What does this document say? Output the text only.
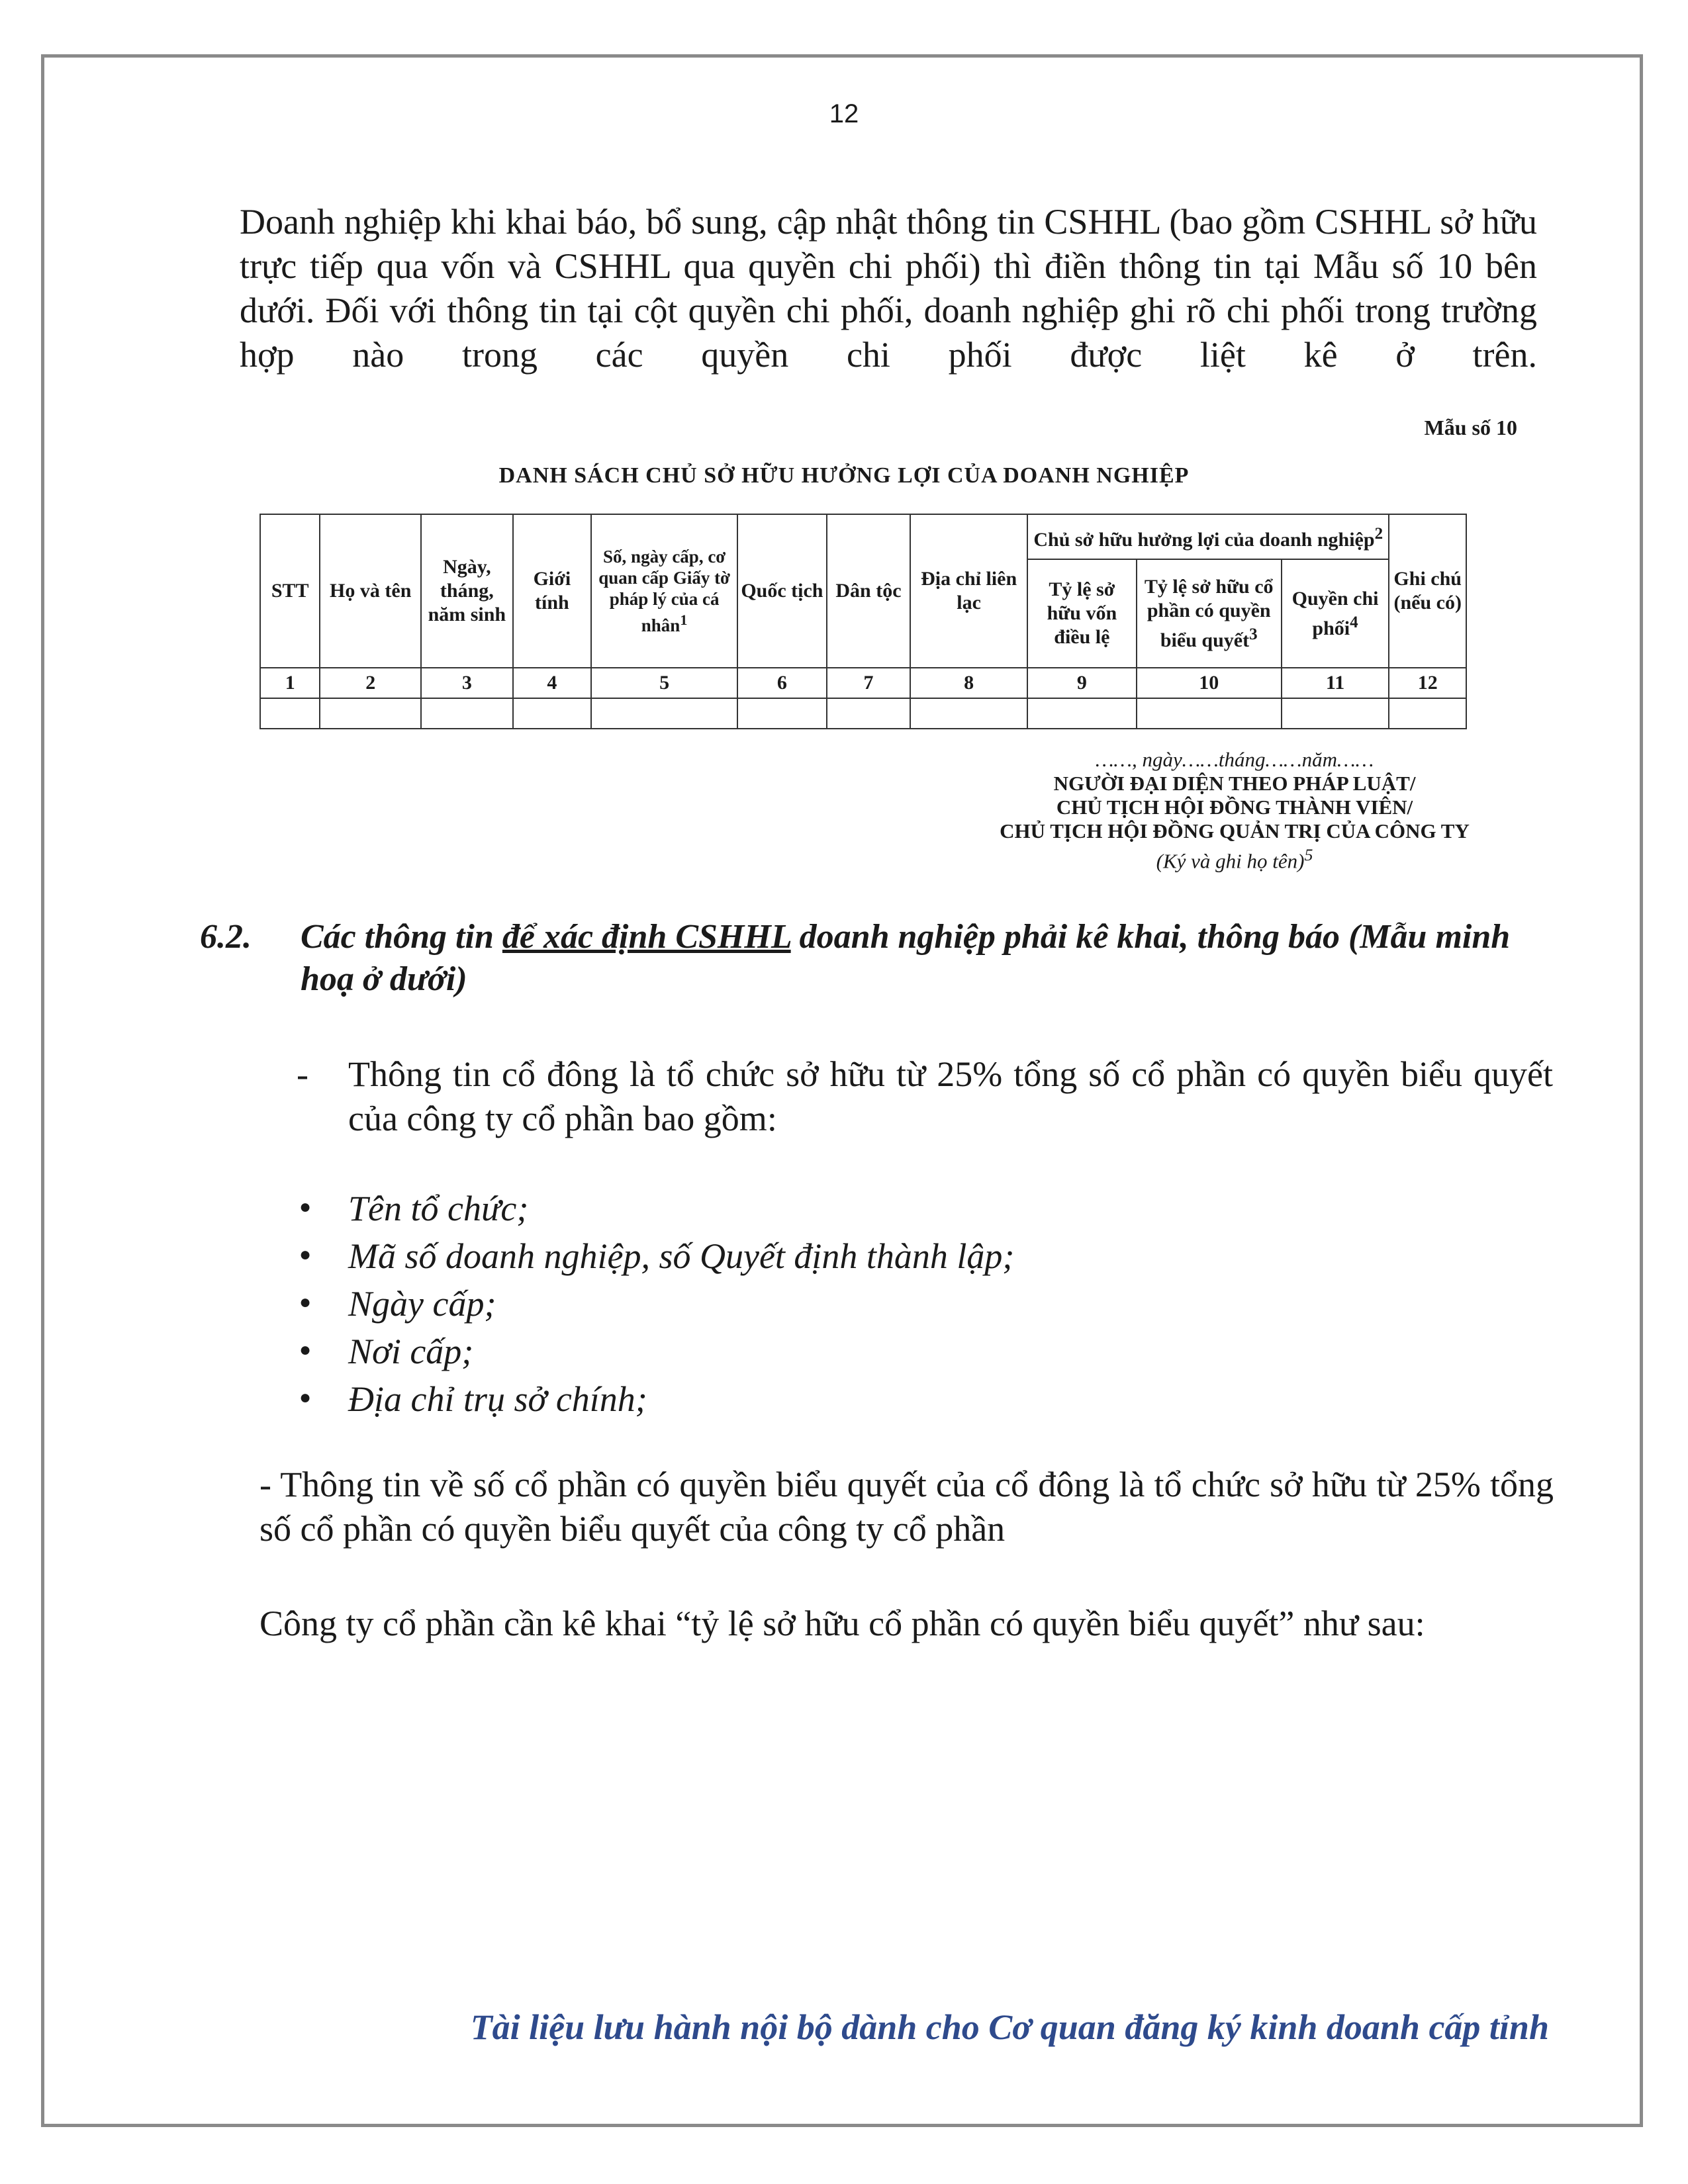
12

Doanh nghiệp khi khai báo, bổ sung, cập nhật thông tin CSHHL (bao gồm CSHHL sở hữu trực tiếp qua vốn và CSHHL qua quyền chi phối) thì điền thông tin tại Mẫu số 10 bên dưới. Đối với thông tin tại cột quyền chi phối, doanh nghiệp ghi rõ chi phối trong trường hợp nào trong các quyền chi phối được liệt kê ở trên.

Mẫu số 10
DANH SÁCH CHỦ SỞ HỮU HƯỞNG LỢI CỦA DOANH NGHIỆP
STT	Họ và tên	Ngày, tháng, năm sinh	Giới tính	Số, ngày cấp, cơ quan cấp Giấy tờ pháp lý của cá nhân$^1$	Quốc tịch	Dân tộc	Địa chỉ liên lạc	Chủ sở hữu hưởng lợi của doanh nghiệp$^2$			Ghi chú (nếu có)
								Tỷ lệ sở hữu vốn điều lệ	Tỷ lệ sở hữu cổ phần có quyền biểu quyết$^3$	Quyền chi phối$^4$
1	2	3	4	5	6	7	8	9	10	11	12

……, ngày……tháng……năm……
NGƯỜI ĐẠI DIỆN THEO PHÁP LUẬT/
CHỦ TỊCH HỘI ĐỒNG THÀNH VIÊN/
CHỦ TỊCH HỘI ĐỒNG QUẢN TRỊ CỦA CÔNG TY
(Ký và ghi họ tên)$^5$
6.2. Các thông tin để xác định CSHHL doanh nghiệp phải kê khai, thông báo (Mẫu minh hoạ ở dưới)
- Thông tin cổ đông là tổ chức sở hữu từ 25% tổng số cổ phần có quyền biểu quyết của công ty cổ phần bao gồm:
● Tên tổ chức;
● Mã số doanh nghiệp, số Quyết định thành lập;
● Ngày cấp;
● Nơi cấp;
● Địa chỉ trụ sở chính;
- Thông tin về số cổ phần có quyền biểu quyết của cổ đông là tổ chức sở hữu từ 25% tổng số cổ phần có quyền biểu quyết của công ty cổ phần
Công ty cổ phần cần kê khai “tỷ lệ sở hữu cổ phần có quyền biểu quyết” như sau:
Tài liệu lưu hành nội bộ dành cho Cơ quan đăng ký kinh doanh cấp tỉnh
